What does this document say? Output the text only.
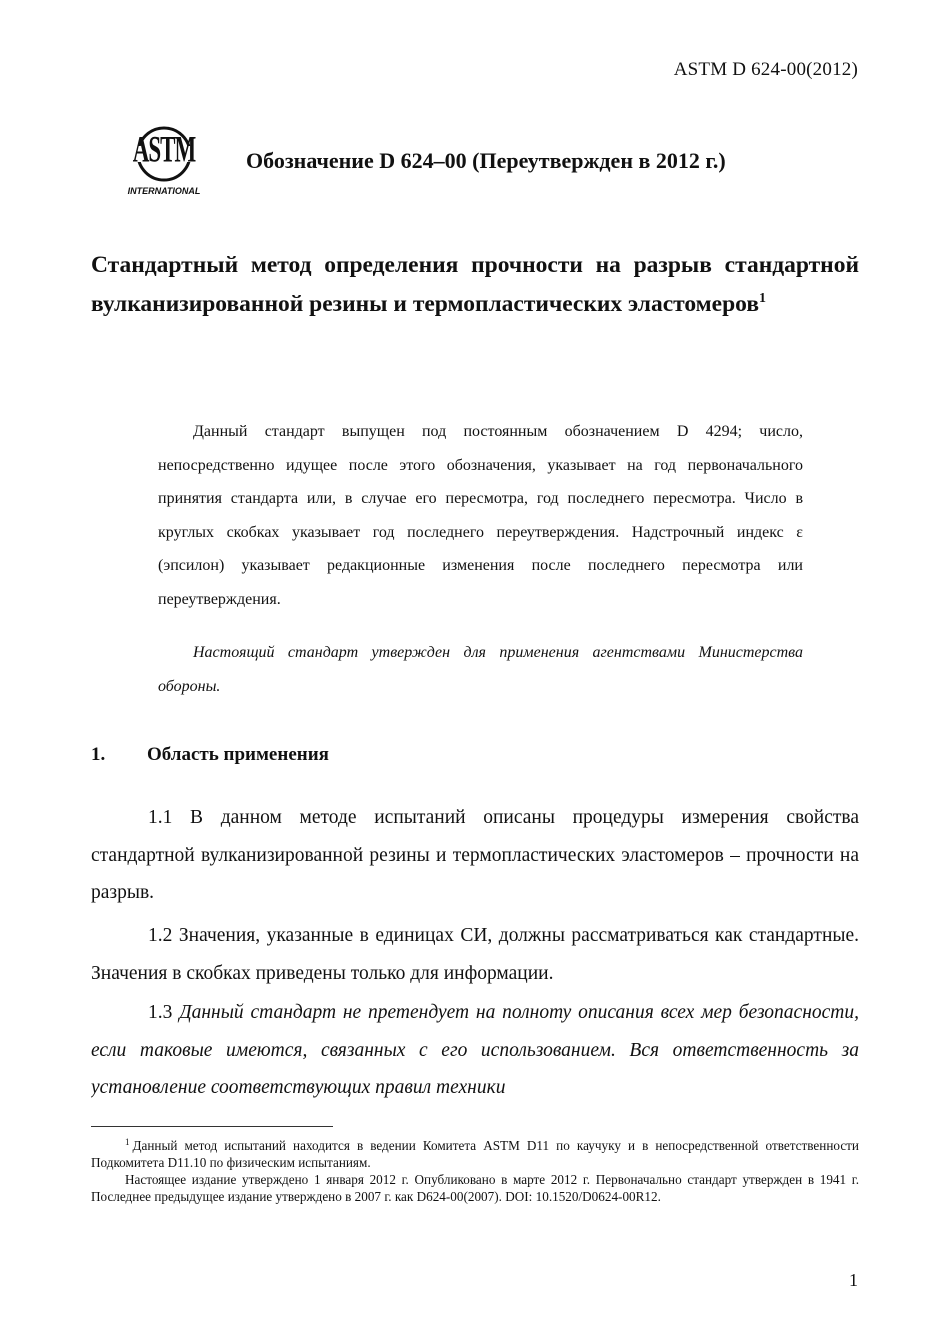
ASTM D 624-00(2012)
ASTM
INTERNATIONAL
Обозначение D 624–00 (Переутвержден в 2012 г.)
Стандартный метод определения прочности на разрыв стандартной вулканизированной резины и термопластических эластомеров$^1$

Данный стандарт выпущен под постоянным обозначением D 4294; число, непосредственно идущее после этого обозначения, указывает на год первоначального принятия стандарта или, в случае его пересмотра, год последнего пересмотра. Число в круглых скобках указывает год последнего переутверждения. Надстрочный индекс ε (эпсилон) указывает редакционные изменения после последнего пересмотра или переутверждения.

Настоящий стандарт утвержден для применения агентствами Министерства обороны.

1. Область применения

1.1 В данном методе испытаний описаны процедуры измерения свойства стандартной вулканизированной резины и термопластических эластомеров – прочности на разрыв.

1.2 Значения, указанные в единицах СИ, должны рассматриваться как стандартные. Значения в скобках приведены только для информации.

1.3 Данный стандарт не претендует на полноту описания всех мер безопасности, если таковые имеются, связанных с его использованием. Вся ответственность за установление соответствующих правил техники

$^1$ Данный метод испытаний находится в ведении Комитета ASTM D11 по каучуку и в непосредственной ответственности Подкомитета D11.10 по физическим испытаниям.

Настоящее издание утверждено 1 января 2012 г. Опубликовано в марте 2012 г. Первоначально стандарт утвержден в 1941 г. Последнее предыдущее издание утверждено в 2007 г. как D624-00(2007). DOI: 10.1520/D0624-00R12.

1
